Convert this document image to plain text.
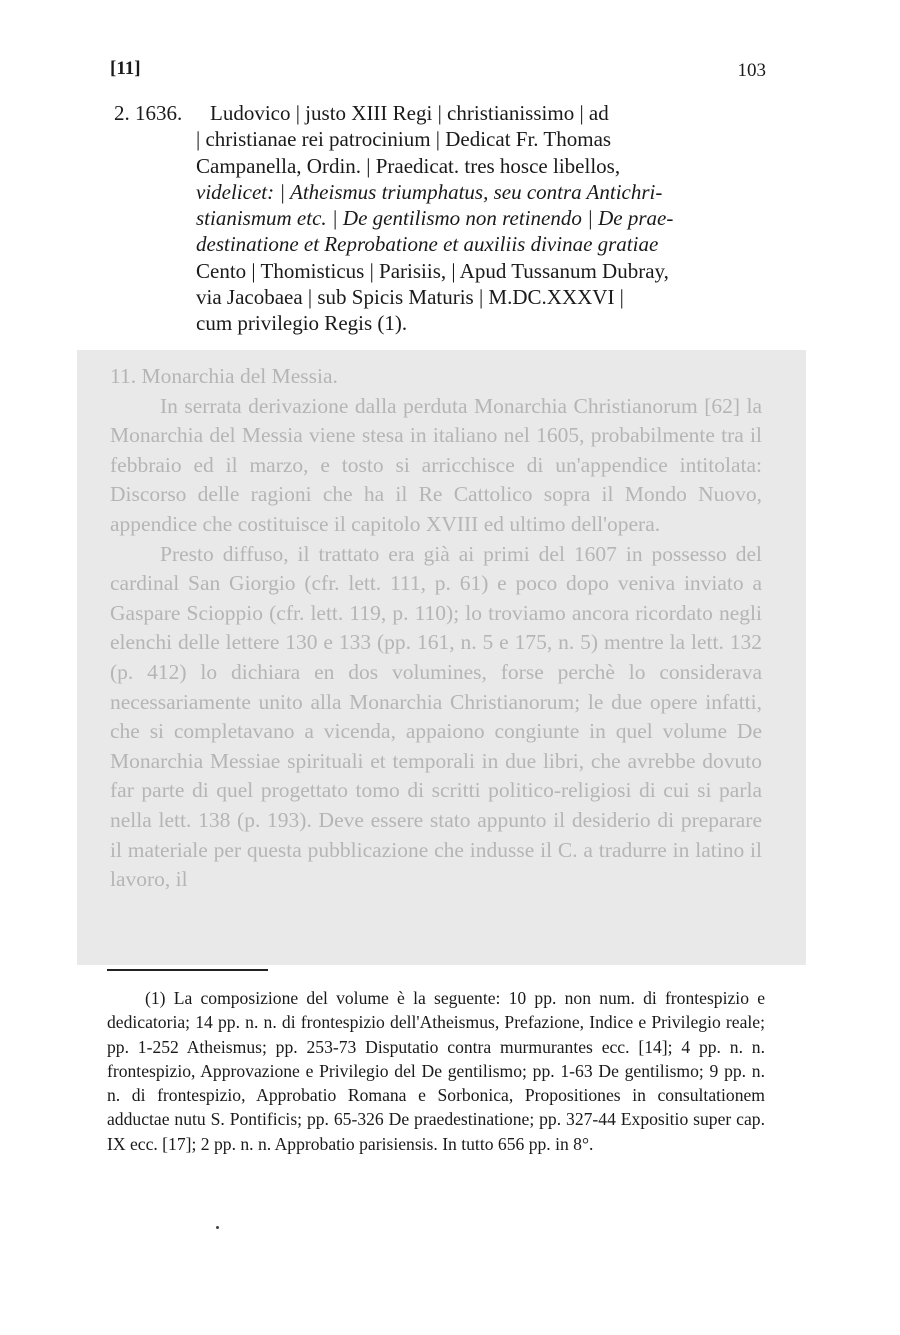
[11]	103
2. 1636.	Ludovico | justo XIII Regi | christianissimo | ad
| christianae rei patrocinium | Dedicat Fr. Thomas
Campanella, Ordin. | Praedicat. tres hosce libellos,
videlicet: | Atheismus triumphatus, seu contra Antichri-
stianismum etc. | De gentilismo non retinendo | De prae-
destinatione et Reprobatione et auxiliis divinae gratiae
Cento | Thomisticus | Parisiis, | Apud Tussanum Dubray,
via Jacobaea | sub Spicis Maturis | M.DC.XXXVI |
cum privilegio Regis (1).

11. Monarchia del Messia.

In serrata derivazione dalla perduta Monarchia Christianorum [62] la Monarchia del Messia viene stesa in italiano nel 1605, probabilmente tra il febbraio ed il marzo, e tosto si arricchisce di un'appendice intitolata: Discorso delle ragioni che ha il Re Cattolico sopra il Mondo Nuovo, appendice che costituisce il capitolo XVIII ed ultimo dell'opera.

Presto diffuso, il trattato era già ai primi del 1607 in possesso del cardinal San Giorgio (cfr. lett. 111, p. 61) e poco dopo veniva inviato a Gaspare Scioppio (cfr. lett. 119, p. 110); lo troviamo ancora ricordato negli elenchi delle lettere 130 e 133 (pp. 161, n. 5 e 175, n. 5) mentre la lett. 132 (p. 412) lo dichiara en dos volumines, forse perchè lo considerava necessariamente unito alla Monarchia Christianorum; le due opere infatti, che si completavano a vicenda, appaiono congiunte in quel volume De Monarchia Messiae spirituali et temporali in due libri, che avrebbe dovuto far parte di quel progettato tomo di scritti politico-religiosi di cui si parla nella lett. 138 (p. 193). Deve essere stato appunto il desiderio di preparare il materiale per questa pubblicazione che indusse il C. a tradurre in latino il lavoro, il

(1) La composizione del volume è la seguente: 10 pp. non num. di frontespizio e dedicatoria; 14 pp. n. n. di frontespizio dell'Atheismus, Prefazione, Indice e Privilegio reale; pp. 1-252 Atheismus; pp. 253-73 Disputatio contra murmurantes ecc. [14]; 4 pp. n. n. frontespizio, Approvazione e Privilegio del De gentilismo; pp. 1-63 De gentilismo; 9 pp. n. n. di frontespizio, Approbatio Romana e Sorbonica, Propositiones in consultationem adductae nutu S. Pontificis; pp. 65-326 De praedestinatione; pp. 327-44 Expositio super cap. IX ecc. [17]; 2 pp. n. n. Approbatio parisiensis. In tutto 656 pp. in 8°.
